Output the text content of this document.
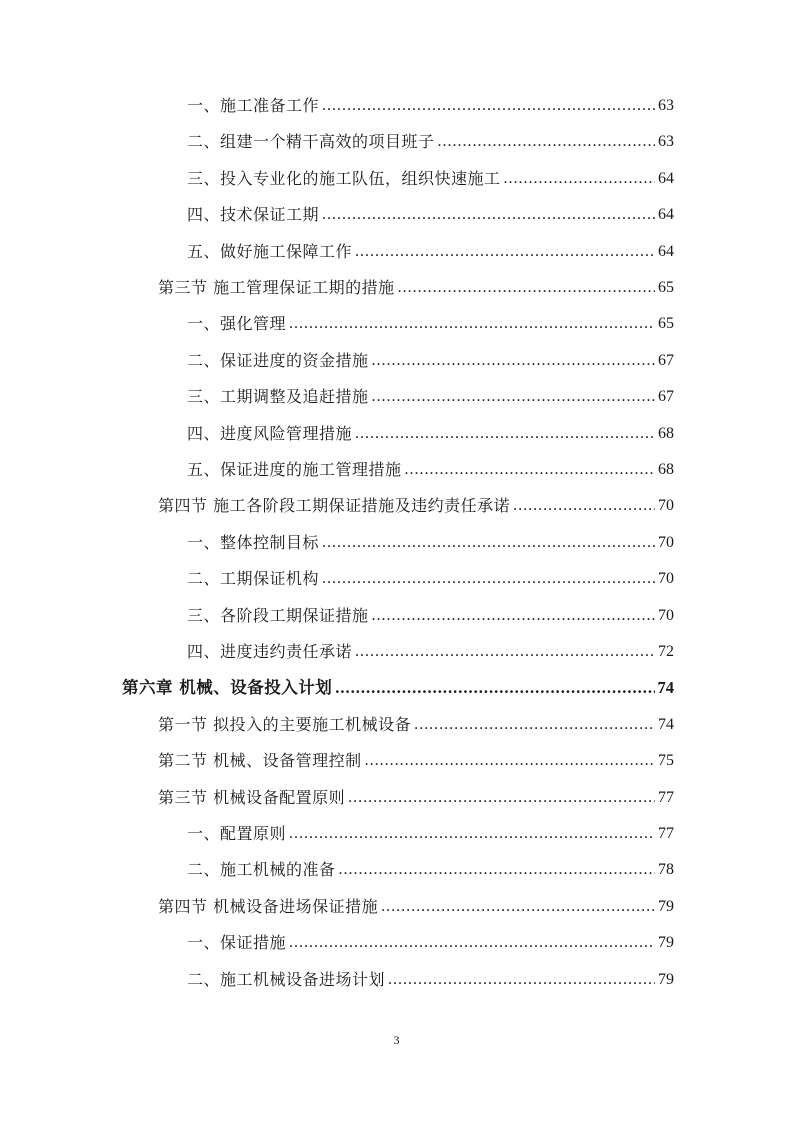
一、施工准备工作 .....	63
二、组建一个精干高效的项目班子 .....	63
三、投入专业化的施工队伍，组织快速施工 .....	64
四、技术保证工期 .....	64
五、做好施工保障工作 .....	64
第三节 施工管理保证工期的措施 .....	65
一、强化管理 .....	65
二、保证进度的资金措施 .....	67
三、工期调整及追赶措施 .....	67
四、进度风险管理措施 .....	68
五、保证进度的施工管理措施 .....	68
第四节 施工各阶段工期保证措施及违约责任承诺 .....	70
一、整体控制目标 .....	70
二、工期保证机构 .....	70
三、各阶段工期保证措施 .....	70
四、进度违约责任承诺 .....	72
第六章 机械、设备投入计划 .....	74
第一节 拟投入的主要施工机械设备 .....	74
第二节 机械、设备管理控制 .....	75
第三节 机械设备配置原则 .....	77
一、配置原则 .....	77
二、施工机械的准备 .....	78
第四节 机械设备进场保证措施 .....	79
一、保证措施 .....	79
二、施工机械设备进场计划 .....	79
3
